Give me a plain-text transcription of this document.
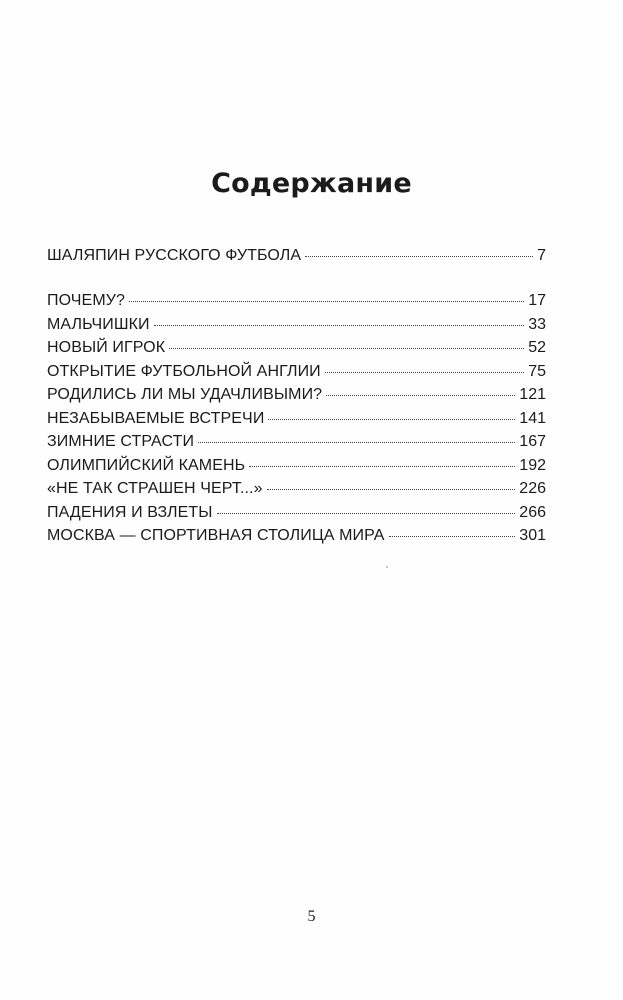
Содержание
ШАЛЯПИН РУССКОГО ФУТБОЛА	7
ПОЧЕМУ?	17
МАЛЬЧИШКИ	33
НОВЫЙ ИГРОК	52
ОТКРЫТИЕ ФУТБОЛЬНОЙ АНГЛИИ	75
РОДИЛИСЬ ЛИ МЫ УДАЧЛИВЫМИ?	121
НЕЗАБЫВАЕМЫЕ ВСТРЕЧИ	141
ЗИМНИЕ СТРАСТИ	167
ОЛИМПИЙСКИЙ КАМЕНЬ	192
«НЕ ТАК СТРАШЕН ЧЕРТ...»	226
ПАДЕНИЯ И ВЗЛЕТЫ	266
МОСКВА — СПОРТИВНАЯ СТОЛИЦА МИРА	301
5
